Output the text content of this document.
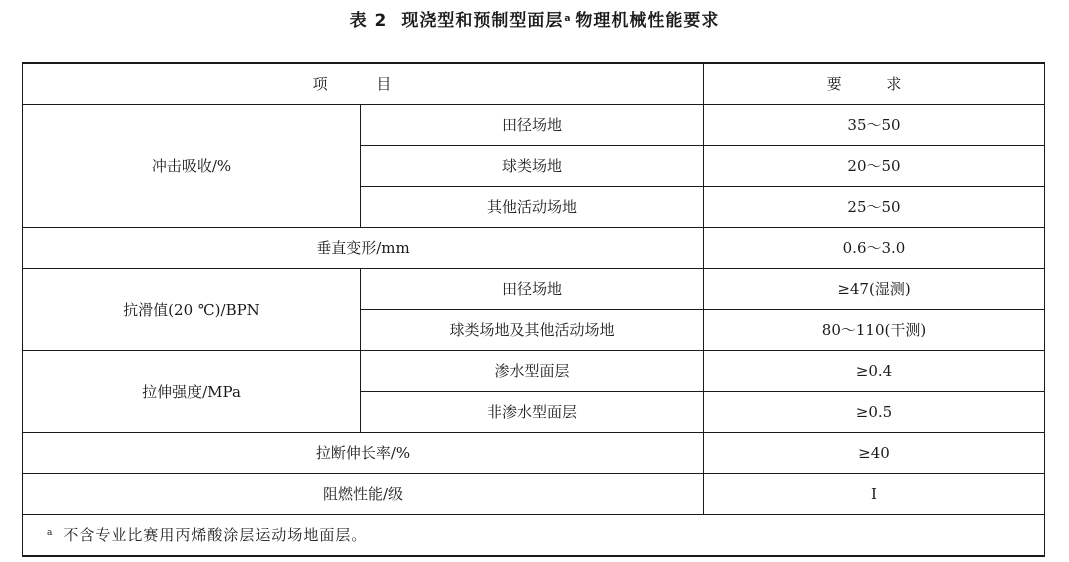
表 2 现浇型和预制型面层$^a$ 物理机械性能要求
项 目		要 求
冲击吸收/%	田径场地	35～50
	球类场地	20～50
	其他活动场地	25～50
垂直变形/mm		0.6～3.0
抗滑值(20 ℃)/BPN	田径场地	≥47(湿测)
	球类场地及其他活动场地	80～110(干测)
拉伸强度/MPa	渗水型面层	≥0.4
	非渗水型面层	≥0.5
拉断伸长率/%		≥40
阻燃性能/级		Ⅰ
$^a$ 不含专业比赛用丙烯酸涂层运动场地面层。		
